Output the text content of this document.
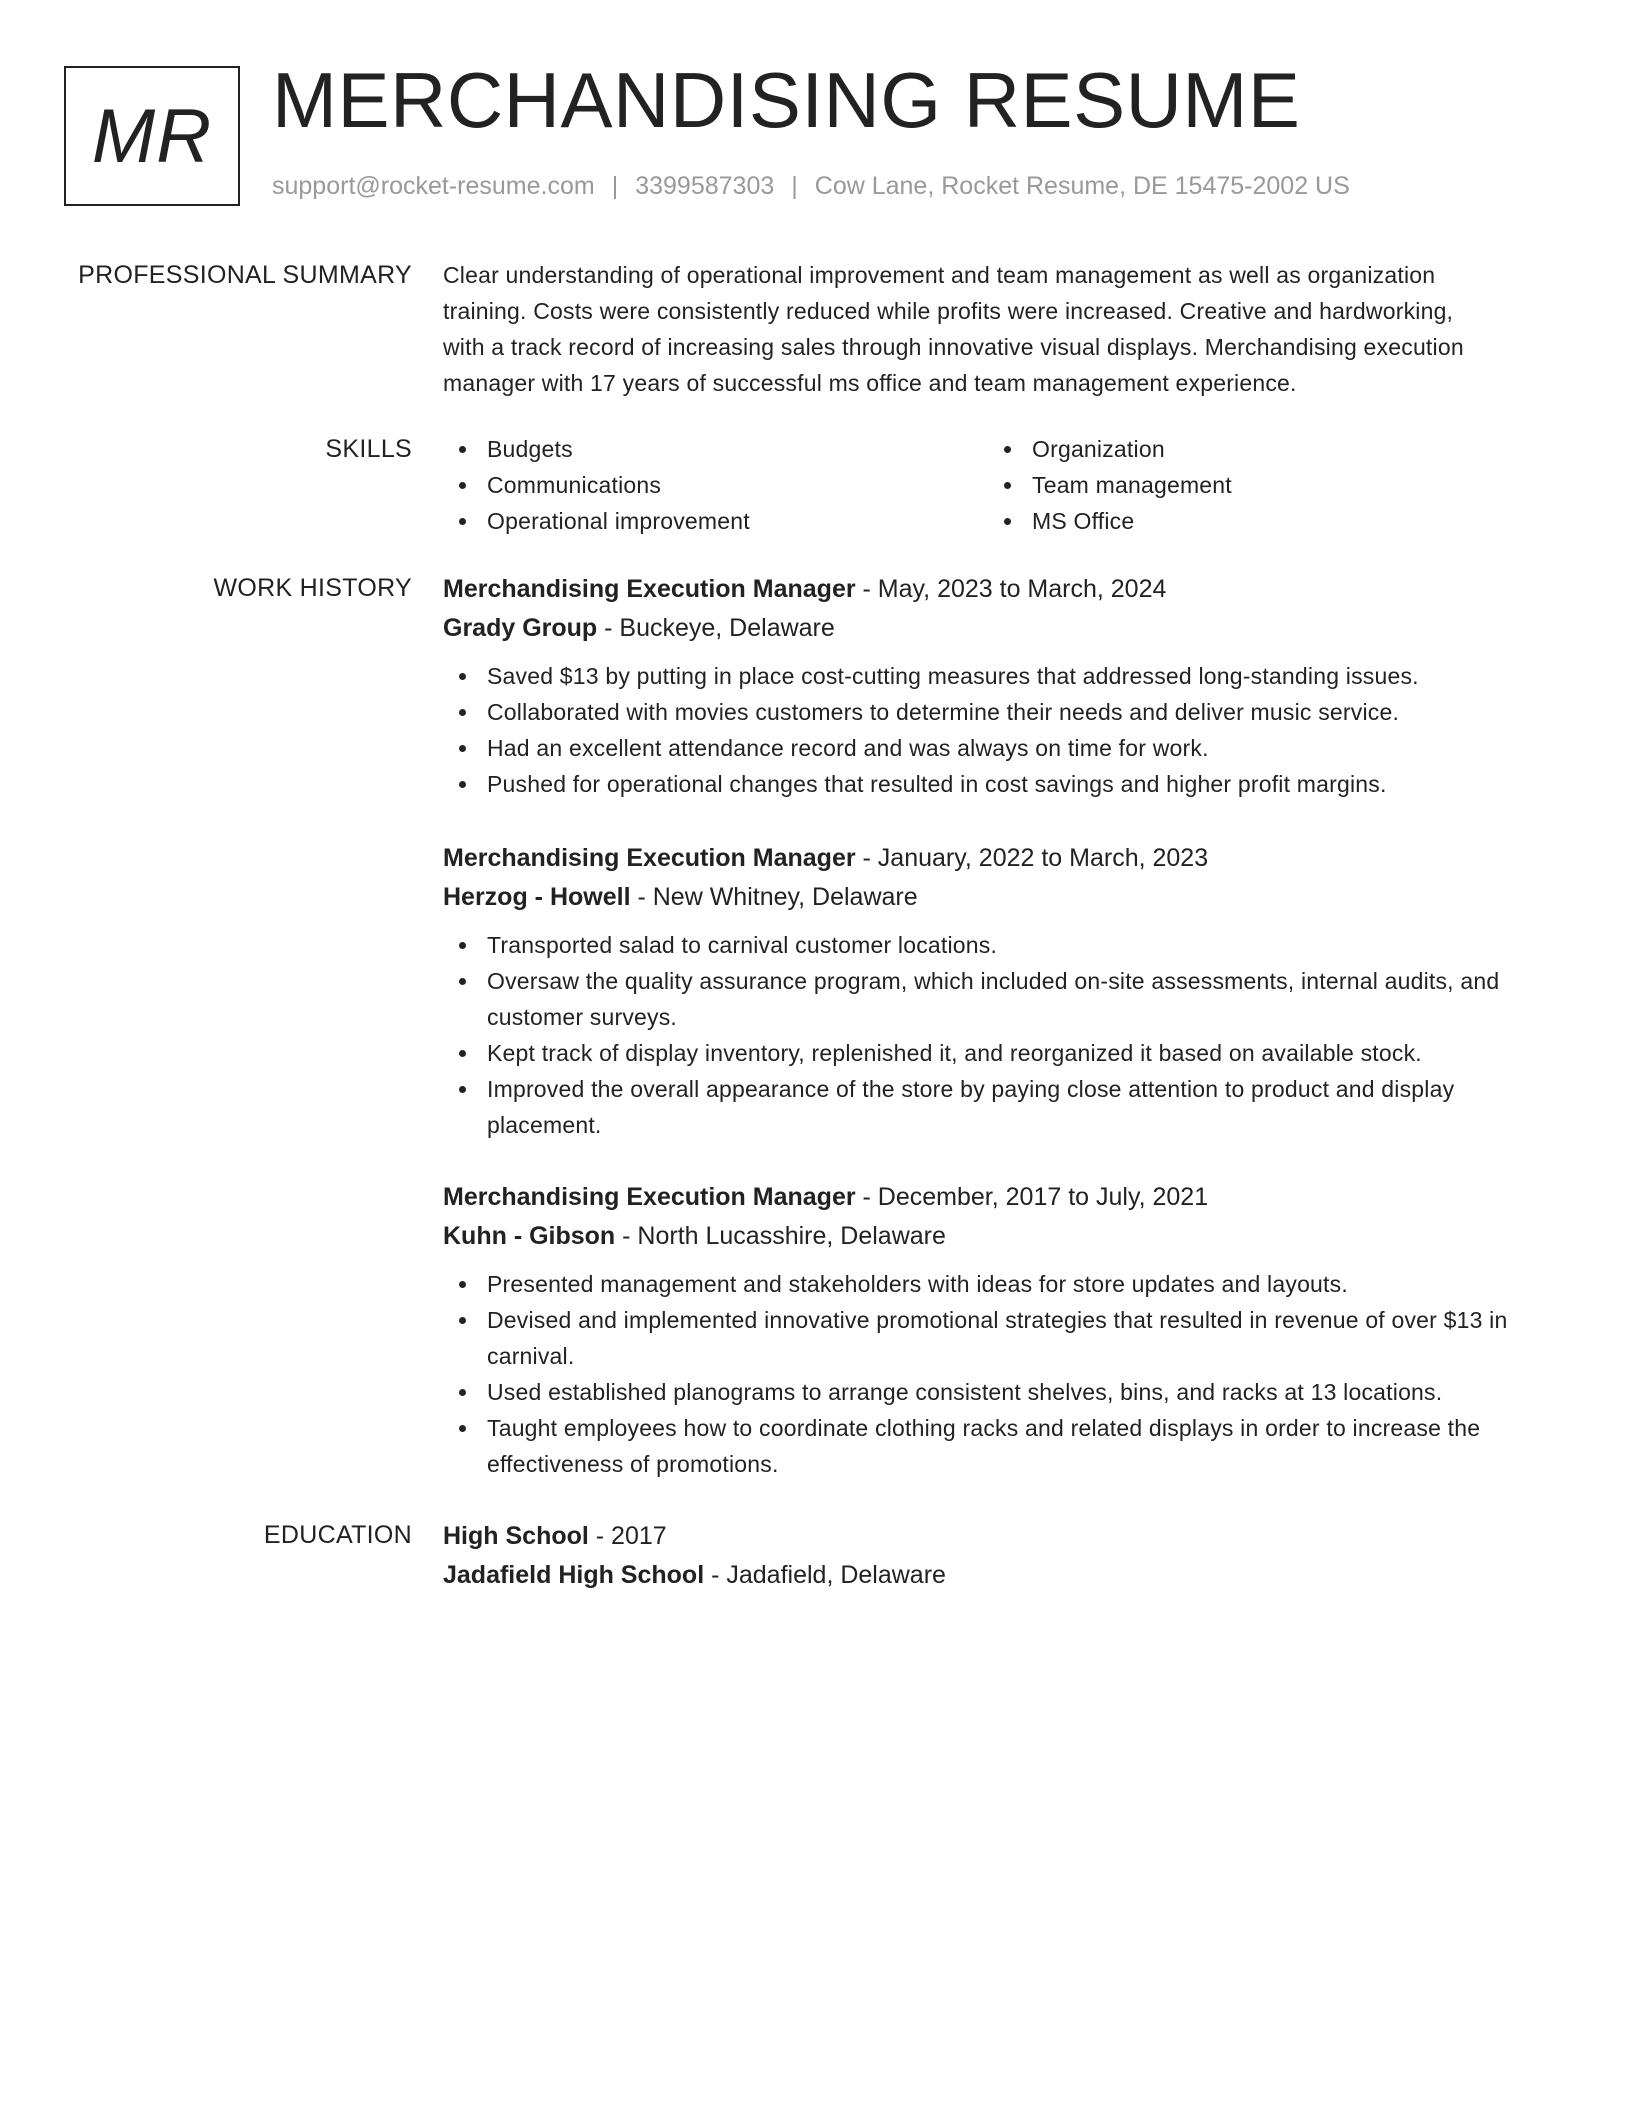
MR MERCHANDISING RESUME
support@rocket-resume.com | 3399587303 | Cow Lane, Rocket Resume, DE 15475-2002 US
PROFESSIONAL SUMMARY Clear understanding of operational improvement and team management as well as organization
training. Costs were consistently reduced while profits were increased. Creative and hardworking,
with a track record of increasing sales through innovative visual displays. Merchandising execution
manager with 17 years of successful ms office and team management experience.
SKILLS	Budgets
Communications
Operational improvement
Organization
Team management
MS Office
WORK HISTORY Merchandising Execution Manager - May, 2023 to March, 2024
Grady Group - Buckeye, Delaware
Saved $13 by putting in place cost-cutting measures that addressed long-standing issues.
Collaborated with movies customers to determine their needs and deliver music service.
Had an excellent attendance record and was always on time for work.
Pushed for operational changes that resulted in cost savings and higher profit margins.
Merchandising Execution Manager - January, 2022 to March, 2023
Herzog - Howell - New Whitney, Delaware
Transported salad to carnival customer locations.
Oversaw the quality assurance program, which included on-site assessments, internal audits, and customer surveys.
Kept track of display inventory, replenished it, and reorganized it based on available stock.
Improved the overall appearance of the store by paying close attention to product and display placement.
Merchandising Execution Manager - December, 2017 to July, 2021
Kuhn - Gibson - North Lucasshire, Delaware
Presented management and stakeholders with ideas for store updates and layouts.
Devised and implemented innovative promotional strategies that resulted in revenue of over $13 in carnival.
Used established planograms to arrange consistent shelves, bins, and racks at 13 locations.
Taught employees how to coordinate clothing racks and related displays in order to increase the effectiveness of promotions.
EDUCATION High School - 2017
Jadafield High School - Jadafield, Delaware
